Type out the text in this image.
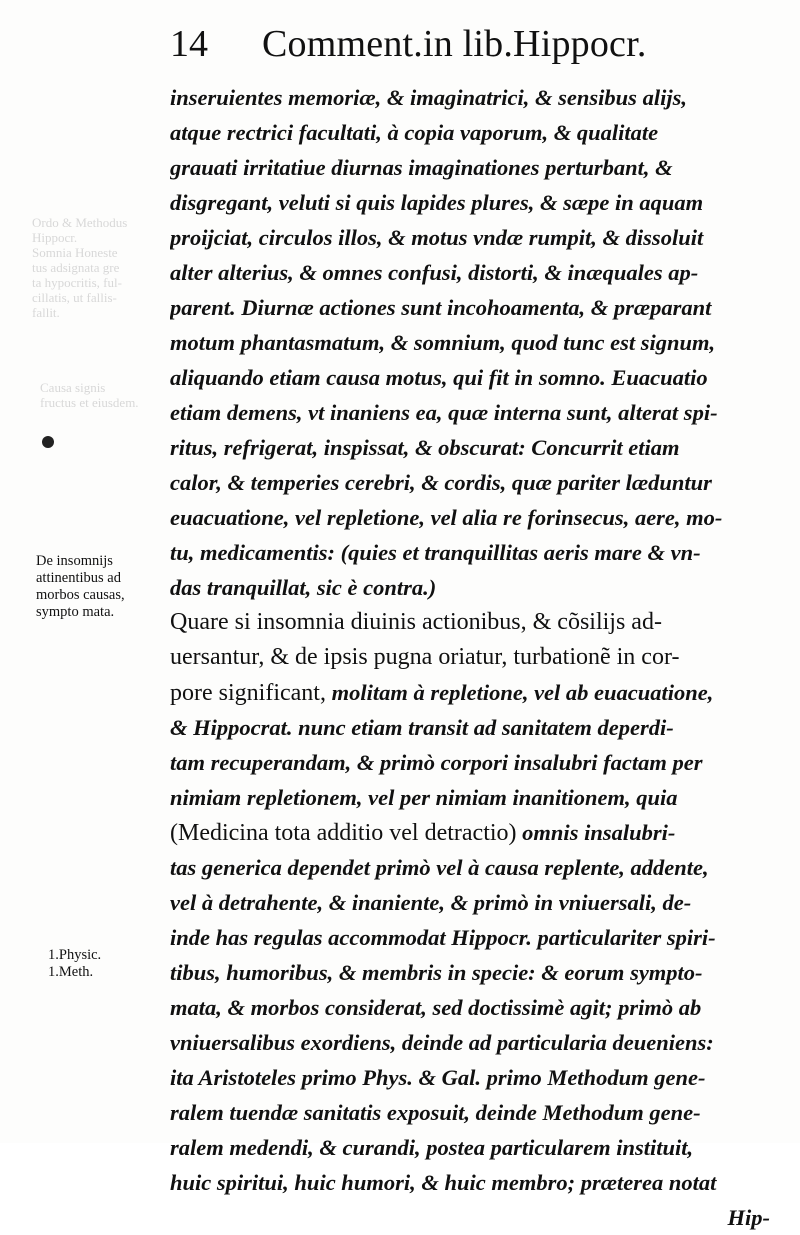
14 Comment.in lib.Hippocr.
Ordo & Methodus
Hippocr.
Somnia Honeste
tus adsignata gre
ta hypocritis, ful-
cillatis, ut fallis-
fallit.
Causa signis
fructus et eiusdem.
De insomnijs attinentibus ad morbos causas, sympto mata.
1.Physic.
1.Meth.
inseruientes memoriæ, & imaginatrici, & sensibus alijs,
atque rectrici facultati, à copia vaporum, & qualitate
grauati irritatiue diurnas imaginationes perturbant, &
disgregant, veluti si quis lapides plures, & sæpe in aquam
proijciat, circulos illos, & motus vndæ rumpit, & dissoluit
alter alterius, & omnes confusi, distorti, & inæquales ap-
parent. Diurnæ actiones sunt incohoamenta, & præparant
motum phantasmatum, & somnium, quod tunc est signum,
aliquando etiam causa motus, qui fit in somno. Euacuatio
etiam demens, vt inaniens ea, quæ interna sunt, alterat spi-
ritus, refrigerat, inspissat, & obscurat: Concurrit etiam
calor, & temperies cerebri, & cordis, quæ pariter læduntur
euacuatione, vel repletione, vel alia re forinsecus, aere, mo-
tu, medicamentis: (quies et tranquillitas aeris mare & vn-
das tranquillat, sic è contra.)
Quare si insomnia diuinis actionibus, & cõsilijs ad-
uersantur, & de ipsis pugna oriatur, turbationẽ in cor-
pore significant, molitam à repletione, vel ab euacuatione,
& Hippocrat. nunc etiam transit ad sanitatem deperdi-
tam recuperandam, & primò corpori insalubri factam per
nimiam repletionem, vel per nimiam inanitionem, quia
(Medicina tota additio vel detractio) omnis insalubri-
tas generica dependet primò vel à causa replente, addente,
vel à detrahente, & inaniente, & primò in vniuersali, de-
inde has regulas accommodat Hippocr. particulariter spiri-
tibus, humoribus, & membris in specie: & eorum sympto-
mata, & morbos considerat, sed doctissimè agit; primò ab
vniuersalibus exordiens, deinde ad particularia deueniens:
ita Aristoteles primo Phys. & Gal. primo Methodum gene-
ralem tuendæ sanitatis exposuit, deinde Methodum gene-
ralem medendi, & curandi, postea particularem instituit,
huic spiritui, huic humori, & huic membro; præterea notat
Hip-
